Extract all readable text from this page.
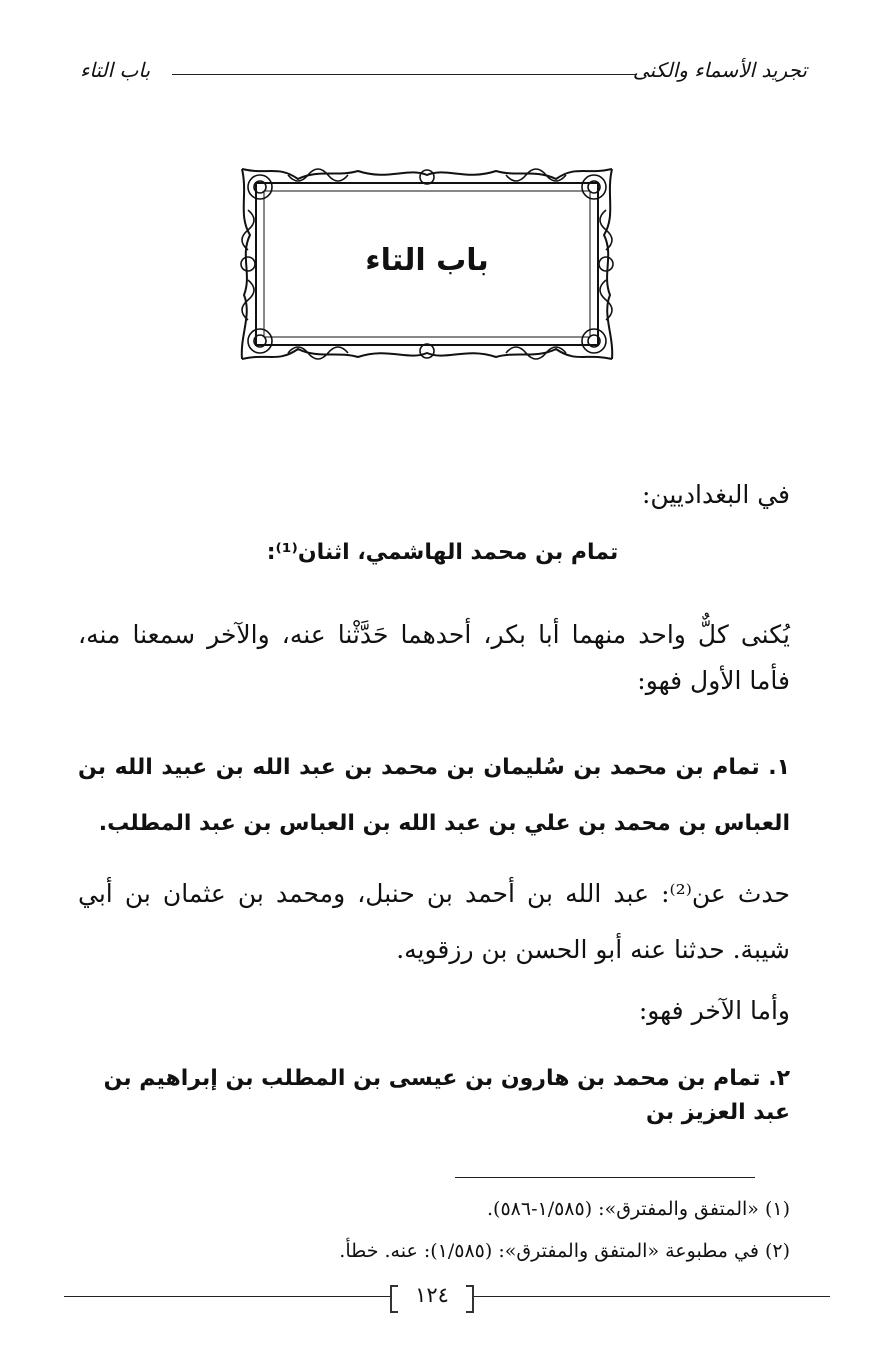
تجريد الأسماء والكنى
باب التاء
باب التاء
في البغداديين:
تمام بن محمد الهاشمي، اثنان⁽¹⁾:
يُكنى كلٌّ واحد منهما أبا بكر، أحدهما حَدَّثْنا عنه، والآخر سمعنا منه، فأما الأول فهو:
١. تمام بن محمد بن سُليمان بن محمد بن عبد الله بن عبيد الله بن العباس بن محمد بن علي بن عبد الله بن العباس بن عبد المطلب.
حدث عن⁽²⁾: عبد الله بن أحمد بن حنبل، ومحمد بن عثمان بن أبي شيبة. حدثنا عنه أبو الحسن بن رزقويه.
وأما الآخر فهو:
٢. تمام بن محمد بن هارون بن عيسى بن المطلب بن إبراهيم بن عبد العزيز بن
(١) «المتفق والمفترق»: (١/٥٨٥-٥٨٦).
(٢) في مطبوعة «المتفق والمفترق»: (١/٥٨٥): عنه. خطأ.
١٢٤
